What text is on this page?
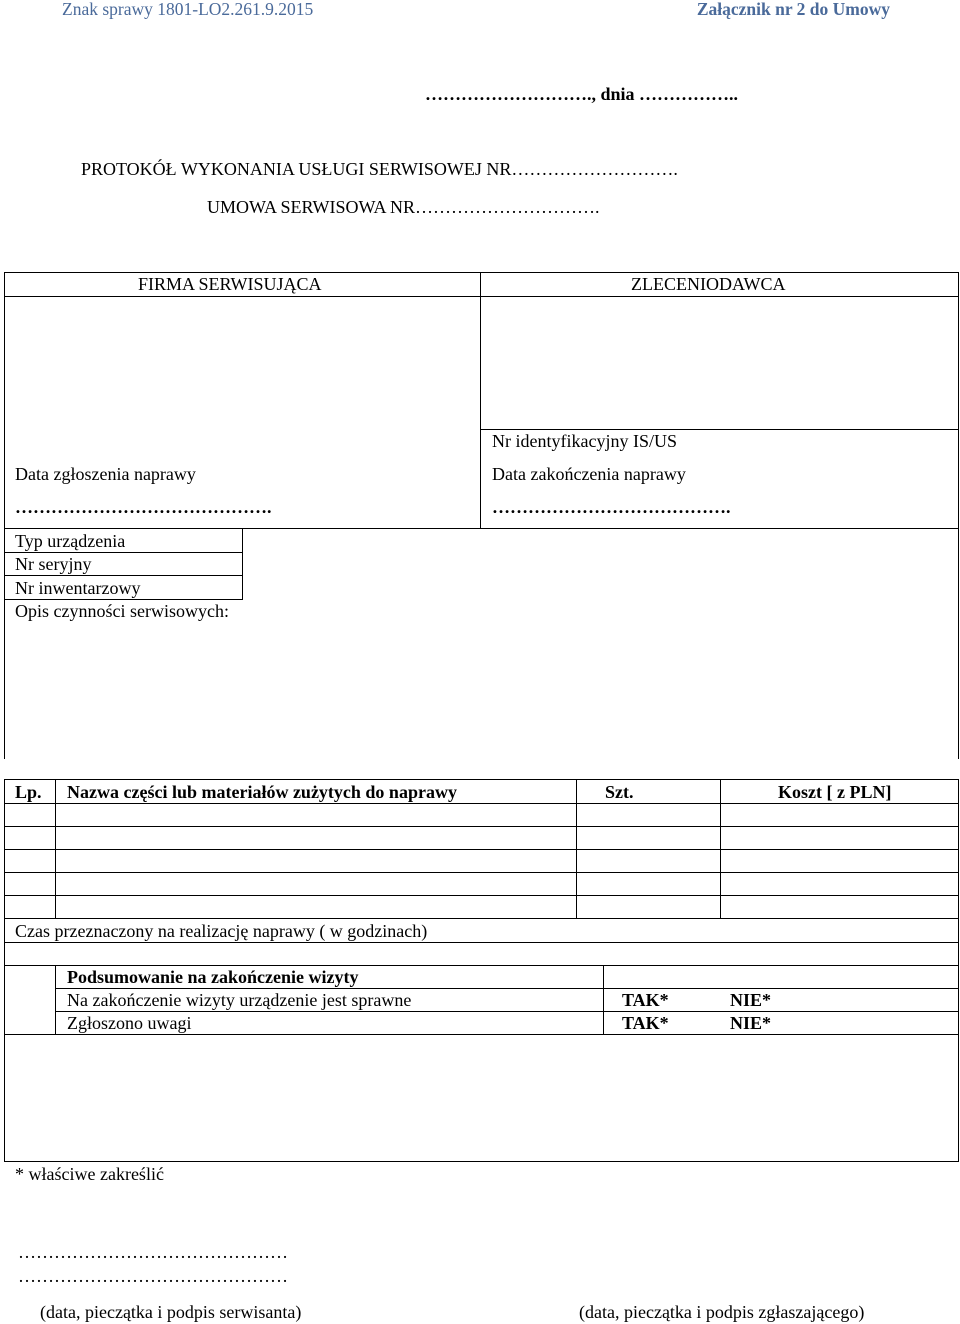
Znak sprawy 1801-LO2.261.9.2015	Załącznik nr 2 do Umowy
………………………., dnia ……………..
PROTOKÓŁ WYKONANIA USŁUGI SERWISOWEJ NR……………………….
UMOWA SERWISOWA NR………………………….
FIRMA SERWISUJĄCA	ZLECENIODAWCA
Nr identyfikacyjny IS/US
Data zgłoszenia naprawy
…………………………………….
Data zakończenia naprawy
………………………………….
Typ urządzenia
Nr seryjny
Nr inwentarzowy
Opis czynności serwisowych:
Lp. Nazwa części lub materiałów zużytych do naprawy	Szt.	Koszt [ z PLN]
Czas przeznaczony na realizację naprawy ( w godzinach)
Podsumowanie na zakończenie wizyty
Na zakończenie wizyty urządzenie jest sprawne	TAK*	NIE*
Zgłoszono uwagi	TAK*	NIE*
* właściwe zakreślić
………………………………………
………………………………………
(data, pieczątka i podpis serwisanta)	(data, pieczątka i podpis zgłaszającego)
